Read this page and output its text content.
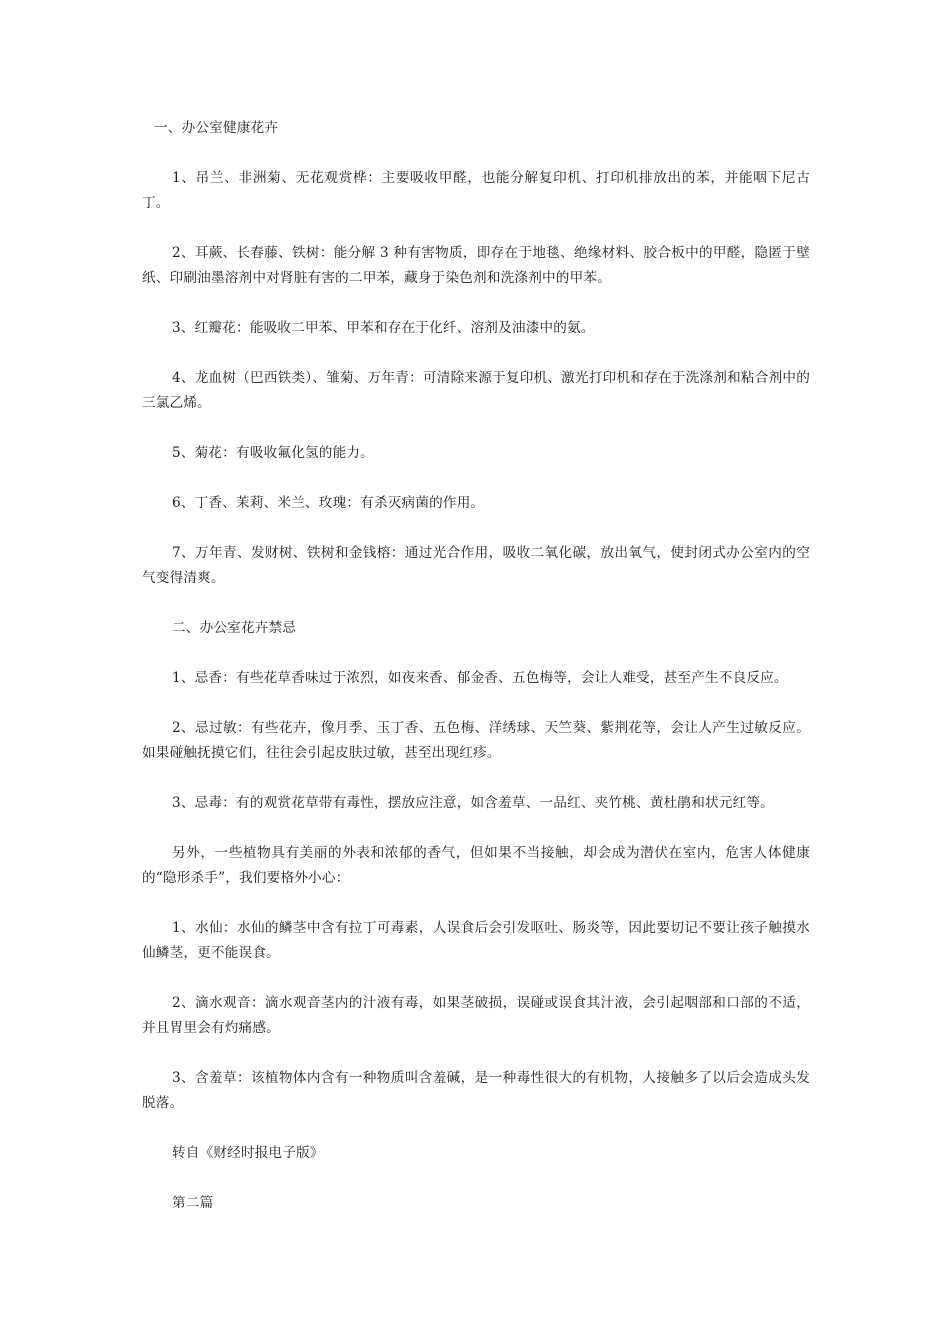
一、办公室健康花卉

1、吊兰、非洲菊、无花观赏桦：主要吸收甲醛，也能分解复印机、打印机排放出的苯，并能咽下尼古丁。

2、耳蕨、长春藤、铁树：能分解 3 种有害物质，即存在于地毯、绝缘材料、胶合板中的甲醛，隐匿于壁纸、印刷油墨溶剂中对肾脏有害的二甲苯，藏身于染色剂和洗涤剂中的甲苯。

3、红瓣花：能吸收二甲苯、甲苯和存在于化纤、溶剂及油漆中的氨。

4、龙血树（巴西铁类）、雏菊、万年青：可清除来源于复印机、激光打印机和存在于洗涤剂和粘合剂中的三氯乙烯。

5、菊花：有吸收氟化氢的能力。

6、丁香、茉莉、米兰、玫瑰：有杀灭病菌的作用。

7、万年青、发财树、铁树和金钱榕：通过光合作用，吸收二氧化碳，放出氧气，使封闭式办公室内的空气变得清爽。

二、办公室花卉禁忌

1、忌香：有些花草香味过于浓烈，如夜来香、郁金香、五色梅等，会让人难受，甚至产生不良反应。

2、忌过敏：有些花卉，像月季、玉丁香、五色梅、洋绣球、天竺葵、紫荆花等，会让人产生过敏反应。如果碰触抚摸它们，往往会引起皮肤过敏，甚至出现红疹。

3、忌毒：有的观赏花草带有毒性，摆放应注意，如含羞草、一品红、夹竹桃、黄杜鹃和状元红等。

另外，一些植物具有美丽的外表和浓郁的香气，但如果不当接触，却会成为潜伏在室内，危害人体健康的“隐形杀手”，我们要格外小心：

1、水仙：水仙的鳞茎中含有拉丁可毒素，人误食后会引发呕吐、肠炎等，因此要切记不要让孩子触摸水仙鳞茎，更不能误食。

2、滴水观音：滴水观音茎内的汁液有毒，如果茎破损，误碰或误食其汁液，会引起咽部和口部的不适，并且胃里会有灼痛感。

3、含羞草：该植物体内含有一种物质叫含羞碱，是一种毒性很大的有机物，人接触多了以后会造成头发脱落。

转自《财经时报电子版》

第二篇
